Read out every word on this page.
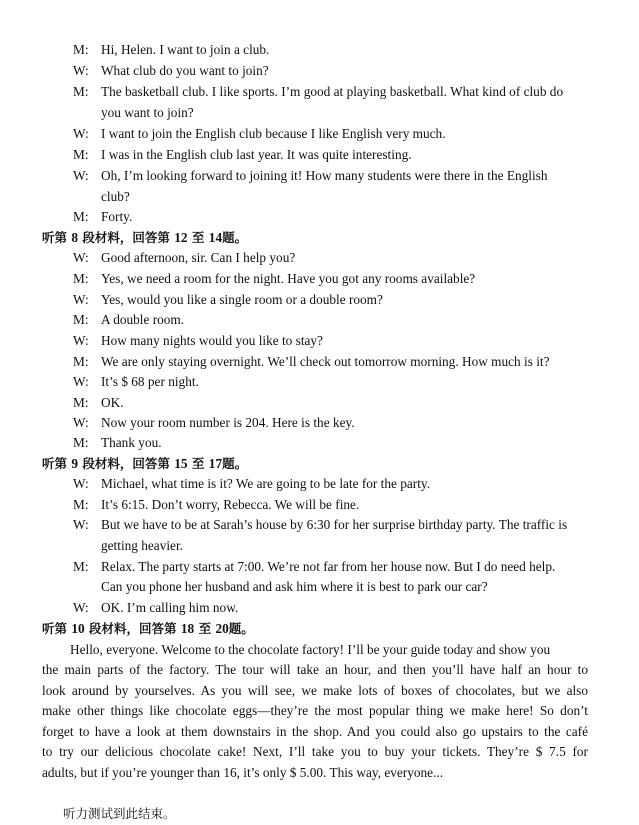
M: Hi, Helen. I want to join a club.
W: What club do you want to join?
M: The basketball club. I like sports. I’m good at playing basketball. What kind of club do
you want to join?
W: I want to join the English club because I like English very much.
M: I was in the English club last year. It was quite interesting.
W: Oh, I’m looking forward to joining it! How many students were there in the English
club?
M: Forty.
听第 8 段材料，回答第 12 至 14题。
W: Good afternoon, sir. Can I help you?
M: Yes, we need a room for the night. Have you got any rooms available?
W: Yes, would you like a single room or a double room?
M: A double room.
W: How many nights would you like to stay?
M: We are only staying overnight. We’ll check out tomorrow morning. How much is it?
W: It’s $ 68 per night.
M: OK.
W: Now your room number is 204. Here is the key.
M: Thank you.
听第 9 段材料，回答第 15 至 17题。
W: Michael, what time is it? We are going to be late for the party.
M: It’s 6:15. Don’t worry, Rebecca. We will be fine.
W: But we have to be at Sarah’s house by 6:30 for her surprise birthday party. The traffic is
getting heavier.
M: Relax. The party starts at 7:00. We’re not far from her house now. But I do need help.
Can you phone her husband and ask him where it is best to park our car?
W: OK. I’m calling him now.
听第 10 段材料，回答第 18 至 20题。
Hello, everyone. Welcome to the chocolate factory! I’ll be your guide today and show you
the main parts of the factory. The tour will take an hour, and then you’ll have half an hour to
look around by yourselves. As you will see, we make lots of boxes of chocolates, but we also
make other things like chocolate eggs—they’re the most popular thing we make here! So don’t
forget to have a look at them downstairs in the shop. And you could also go upstairs to the café
to try our delicious chocolate cake! Next, I’ll take you to buy your tickets. They’re $ 7.5 for
adults, but if you’re younger than 16, it’s only $ 5.00. This way, everyone...
听力测试到此结束。
